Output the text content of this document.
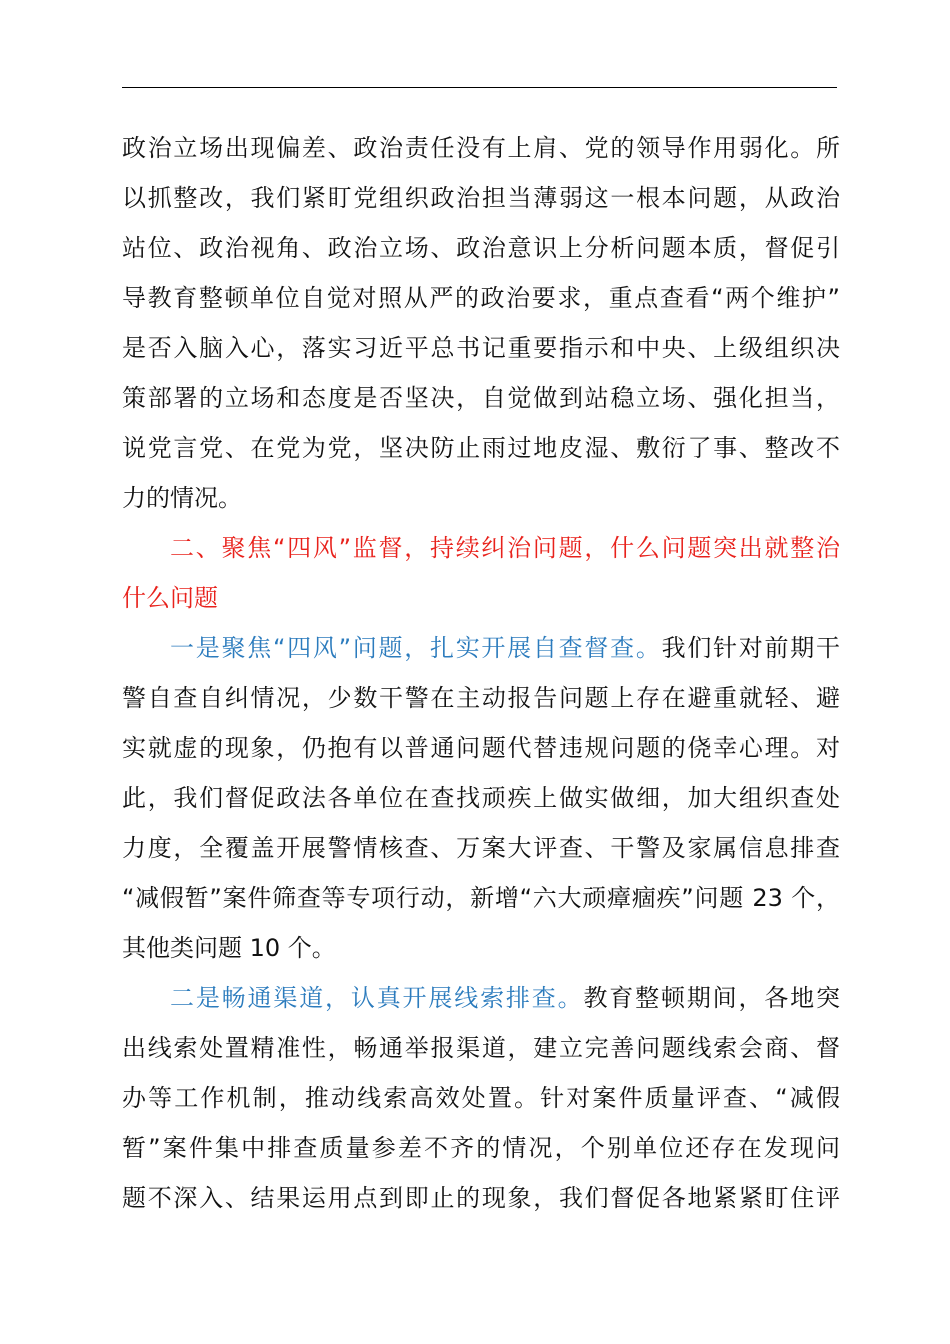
政治立场出现偏差、政治责任没有上肩、党的领导作用弱化。所
以抓整改，我们紧盯党组织政治担当薄弱这一根本问题，从政治
站位、政治视角、政治立场、政治意识上分析问题本质，督促引
导教育整顿单位自觉对照从严的政治要求，重点查看“两个维护”
是否入脑入心，落实习近平总书记重要指示和中央、上级组织决
策部署的立场和态度是否坚决，自觉做到站稳立场、强化担当，
说党言党、在党为党，坚决防止雨过地皮湿、敷衍了事、整改不
力的情况。
二、聚焦“四风”监督，持续纠治问题，什么问题突出就整治
什么问题
一是聚焦“四风”问题，扎实开展自查督查。我们针对前期干
警自查自纠情况，少数干警在主动报告问题上存在避重就轻、避
实就虚的现象，仍抱有以普通问题代替违规问题的侥幸心理。对
此，我们督促政法各单位在查找顽疾上做实做细，加大组织查处
力度，全覆盖开展警情核查、万案大评查、干警及家属信息排查
“减假暂”案件筛查等专项行动，新增“六大顽瘴痼疾”问题 23 个，
其他类问题 10 个。
二是畅通渠道，认真开展线索排查。教育整顿期间，各地突
出线索处置精准性，畅通举报渠道，建立完善问题线索会商、督
办等工作机制，推动线索高效处置。针对案件质量评查、“减假
暂”案件集中排查质量参差不齐的情况，个别单位还存在发现问
题不深入、结果运用点到即止的现象，我们督促各地紧紧盯住评
